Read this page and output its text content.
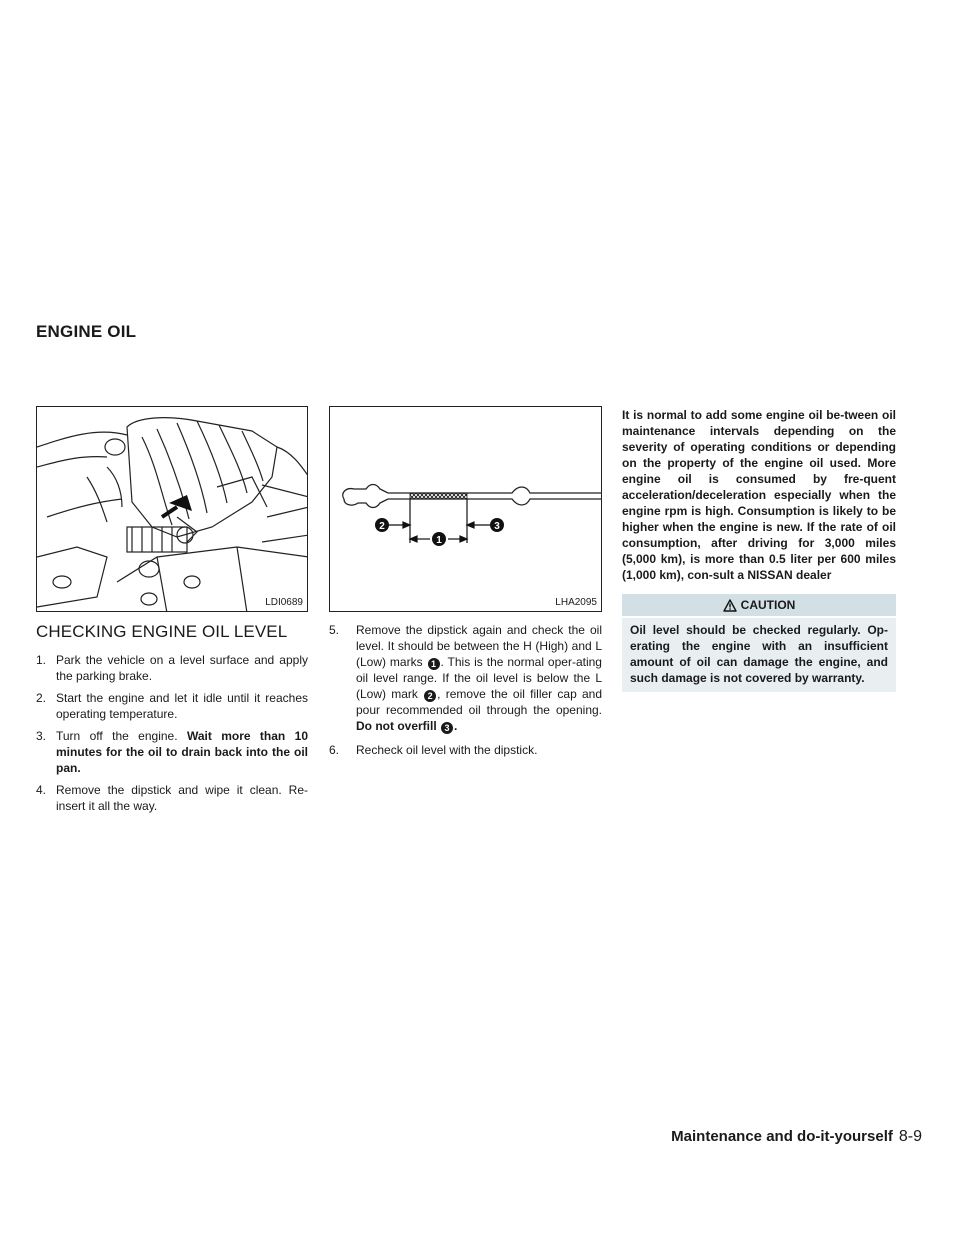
ENGINE OIL
LDI0689
2	3
1
LHA2095
CHECKING ENGINE OIL LEVEL
1. Park the vehicle on a level surface and apply the parking brake.
2. Start the engine and let it idle until it reaches operating temperature.
3. Turn off the engine. Wait more than 10 minutes for the oil to drain back into the oil pan.
4. Remove the dipstick and wipe it clean. Re-insert it all the way.
5. Remove the dipstick again and check the oil level. It should be between the H (High) and L (Low) marks 1 . This is the normal oper-ating oil level range. If the oil level is below the L (Low) mark 2 , remove the oil filler cap and pour recommended oil through the opening. Do not overfill 3 .
6. Recheck oil level with the dipstick.
It is normal to add some engine oil be-tween oil maintenance intervals depending on the severity of operating conditions or depending on the property of the engine oil used. More engine oil is consumed by fre-quent acceleration/deceleration especially when the engine rpm is high. Consumption is likely to be higher when the engine is new. If the rate of oil consumption, after driving for 3,000 miles (5,000 km), is more than 0.5 liter per 600 miles (1,000 km), con-sult a NISSAN dealer
CAUTION
Oil level should be checked regularly. Op-erating the engine with an insufficient amount of oil can damage the engine, and such damage is not covered by warranty.
Maintenance and do-it-yourself 8-9
